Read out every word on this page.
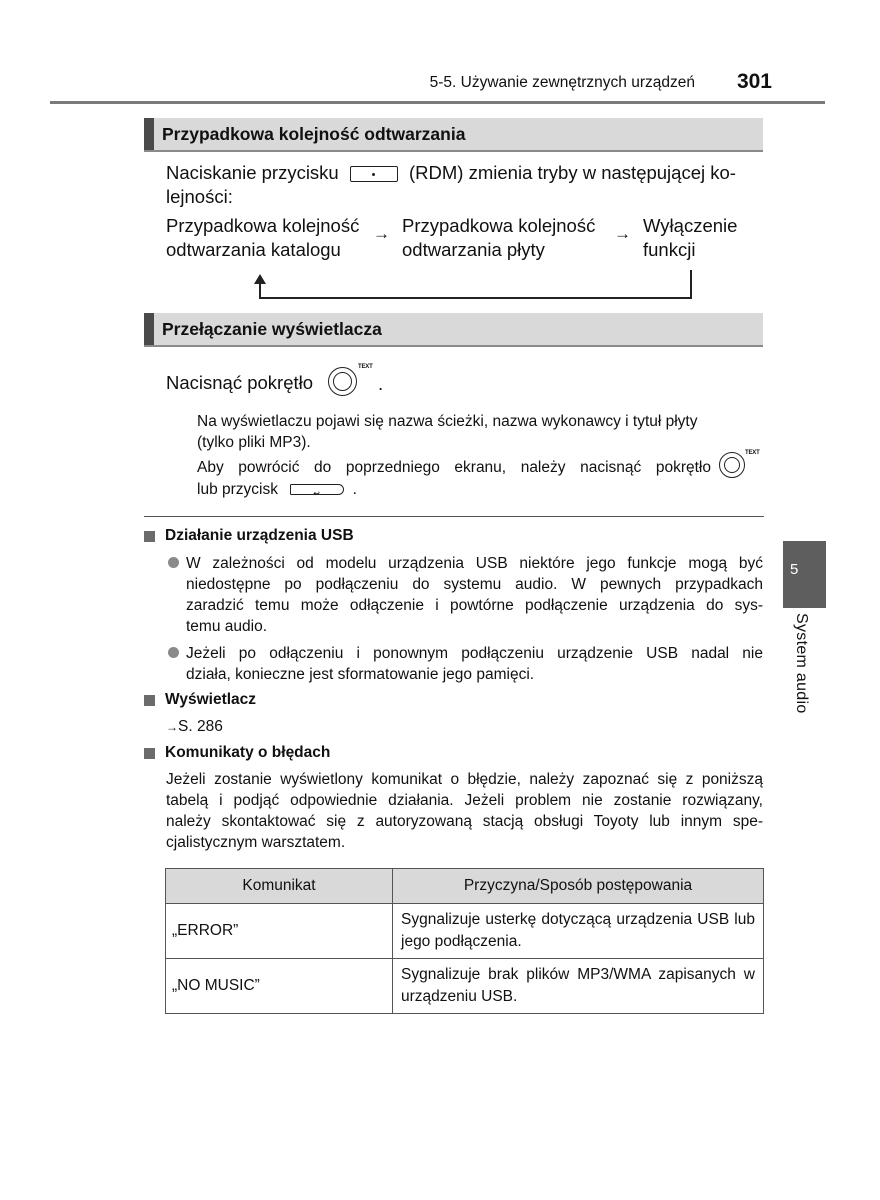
5-5. Używanie zewnętrznych urządzeń 301
Przypadkowa kolejność odtwarzania
Naciskanie przycisku	(RDM) zmienia tryby w następującej ko-
lejności:
Przypadkowa kolejność
odtwarzania katalogu
→ Przypadkowa kolejność
odtwarzania płyty
→ Wyłączenie
funkcji
Przełączanie wyświetlacza
Nacisnąć pokrętło
TEXT
.
Na wyświetlaczu pojawi się nazwa ścieżki, nazwa wykonawcy i tytuł płyty
(tylko pliki MP3).
Aby powrócić do poprzedniego ekranu, należy nacisnąć pokrętło
TEXT
lub przycisk	↩ .
Działanie urządzenia USB
W zależności od modelu urządzenia USB niektóre jego funkcje mogą być
niedostępne po podłączeniu do systemu audio. W pewnych przypadkach
zaradzić temu może odłączenie i powtórne podłączenie urządzenia do sys-
temu audio.
Jeżeli po odłączeniu i ponownym podłączeniu urządzenie USB nadal nie
działa, konieczne jest sformatowanie jego pamięci.
Wyświetlacz
→S. 286
Komunikaty o błędach
Jeżeli zostanie wyświetlony komunikat o błędzie, należy zapoznać się z poniższą
tabelą i podjąć odpowiednie działania. Jeżeli problem nie zostanie rozwiązany,
należy skontaktować się z autoryzowaną stacją obsługi Toyoty lub innym spe-
cjalistycznym warsztatem.
Komunikat	Przyczyna/Sposób postępowania
„ERROR”	Sygnalizuje usterkę dotyczącą urządzenia USB lub jego podłączenia.
„NO MUSIC”	Sygnalizuje brak plików MP3/WMA zapisanych w urządzeniu USB.
5
System audio
